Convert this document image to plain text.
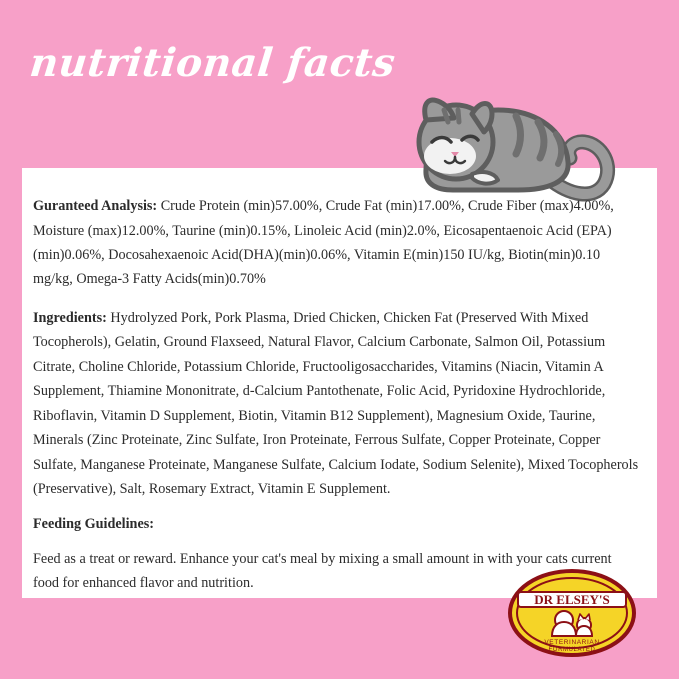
nutritional facts

Guranteed Analysis: Crude Protein (min)57.00%, Crude Fat (min)17.00%, Crude Fiber (max)4.00%, Moisture (max)12.00%, Taurine (min)0.15%, Linoleic Acid (min)2.0%, Eicosapentaenoic Acid (EPA) (min)0.06%, Docosahexaenoic Acid(DHA)(min)0.06%, Vitamin E(min)150 IU/kg, Biotin(min)0.10 mg/kg, Omega-3 Fatty Acids(min)0.70%

Ingredients: Hydrolyzed Pork, Pork Plasma, Dried Chicken, Chicken Fat (Preserved With Mixed Tocopherols), Gelatin, Ground Flaxseed, Natural Flavor, Calcium Carbonate, Salmon Oil, Potassium Citrate, Choline Chloride, Potassium Chloride, Fructooligosaccharides, Vitamins (Niacin, Vitamin A Supplement, Thiamine Mononitrate, d-Calcium Pantothenate, Folic Acid, Pyridoxine Hydrochloride, Riboflavin, Vitamin D Supplement, Biotin, Vitamin B12 Supplement), Magnesium Oxide, Taurine, Minerals (Zinc Proteinate, Zinc Sulfate, Iron Proteinate, Ferrous Sulfate, Copper Proteinate, Copper Sulfate, Manganese Proteinate, Manganese Sulfate, Calcium Iodate, Sodium Selenite), Mixed Tocopherols (Preservative), Salt, Rosemary Extract, Vitamin E Supplement.

Feeding Guidelines:

Feed as a treat or reward. Enhance your cat's meal by mixing a small amount in with your cats current food for enhanced flavor and nutrition.

DR ELSEY'S
VETERINARIAN
FORMULATED
